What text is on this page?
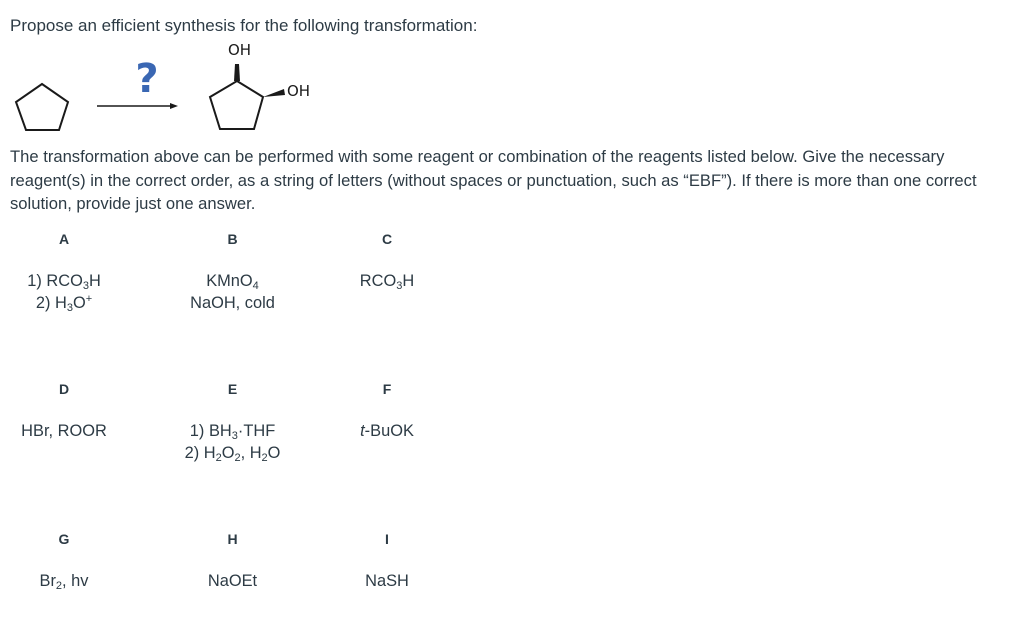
Propose an efficient synthesis for the following transformation:
?
OH
OH
The transformation above can be performed with some reagent or combination of the reagents listed below. Give the necessary reagent(s) in the correct order, as a string of letters (without spaces or punctuation, such as “EBF”). If there is more than one correct solution, provide just one answer.
A
1) $RCO_3H$
2) $H_3O^+$
D
HBr, ROOR
G
$Br_2$, hv
B
KMnO$_4$
NaOH, cold
E
1) $BH_3\cdot THF$
2) $H_2O_2$, $H_2O$
H
NaOEt
C
$RCO_3H$
F
t-BuOK
I
NaSH
